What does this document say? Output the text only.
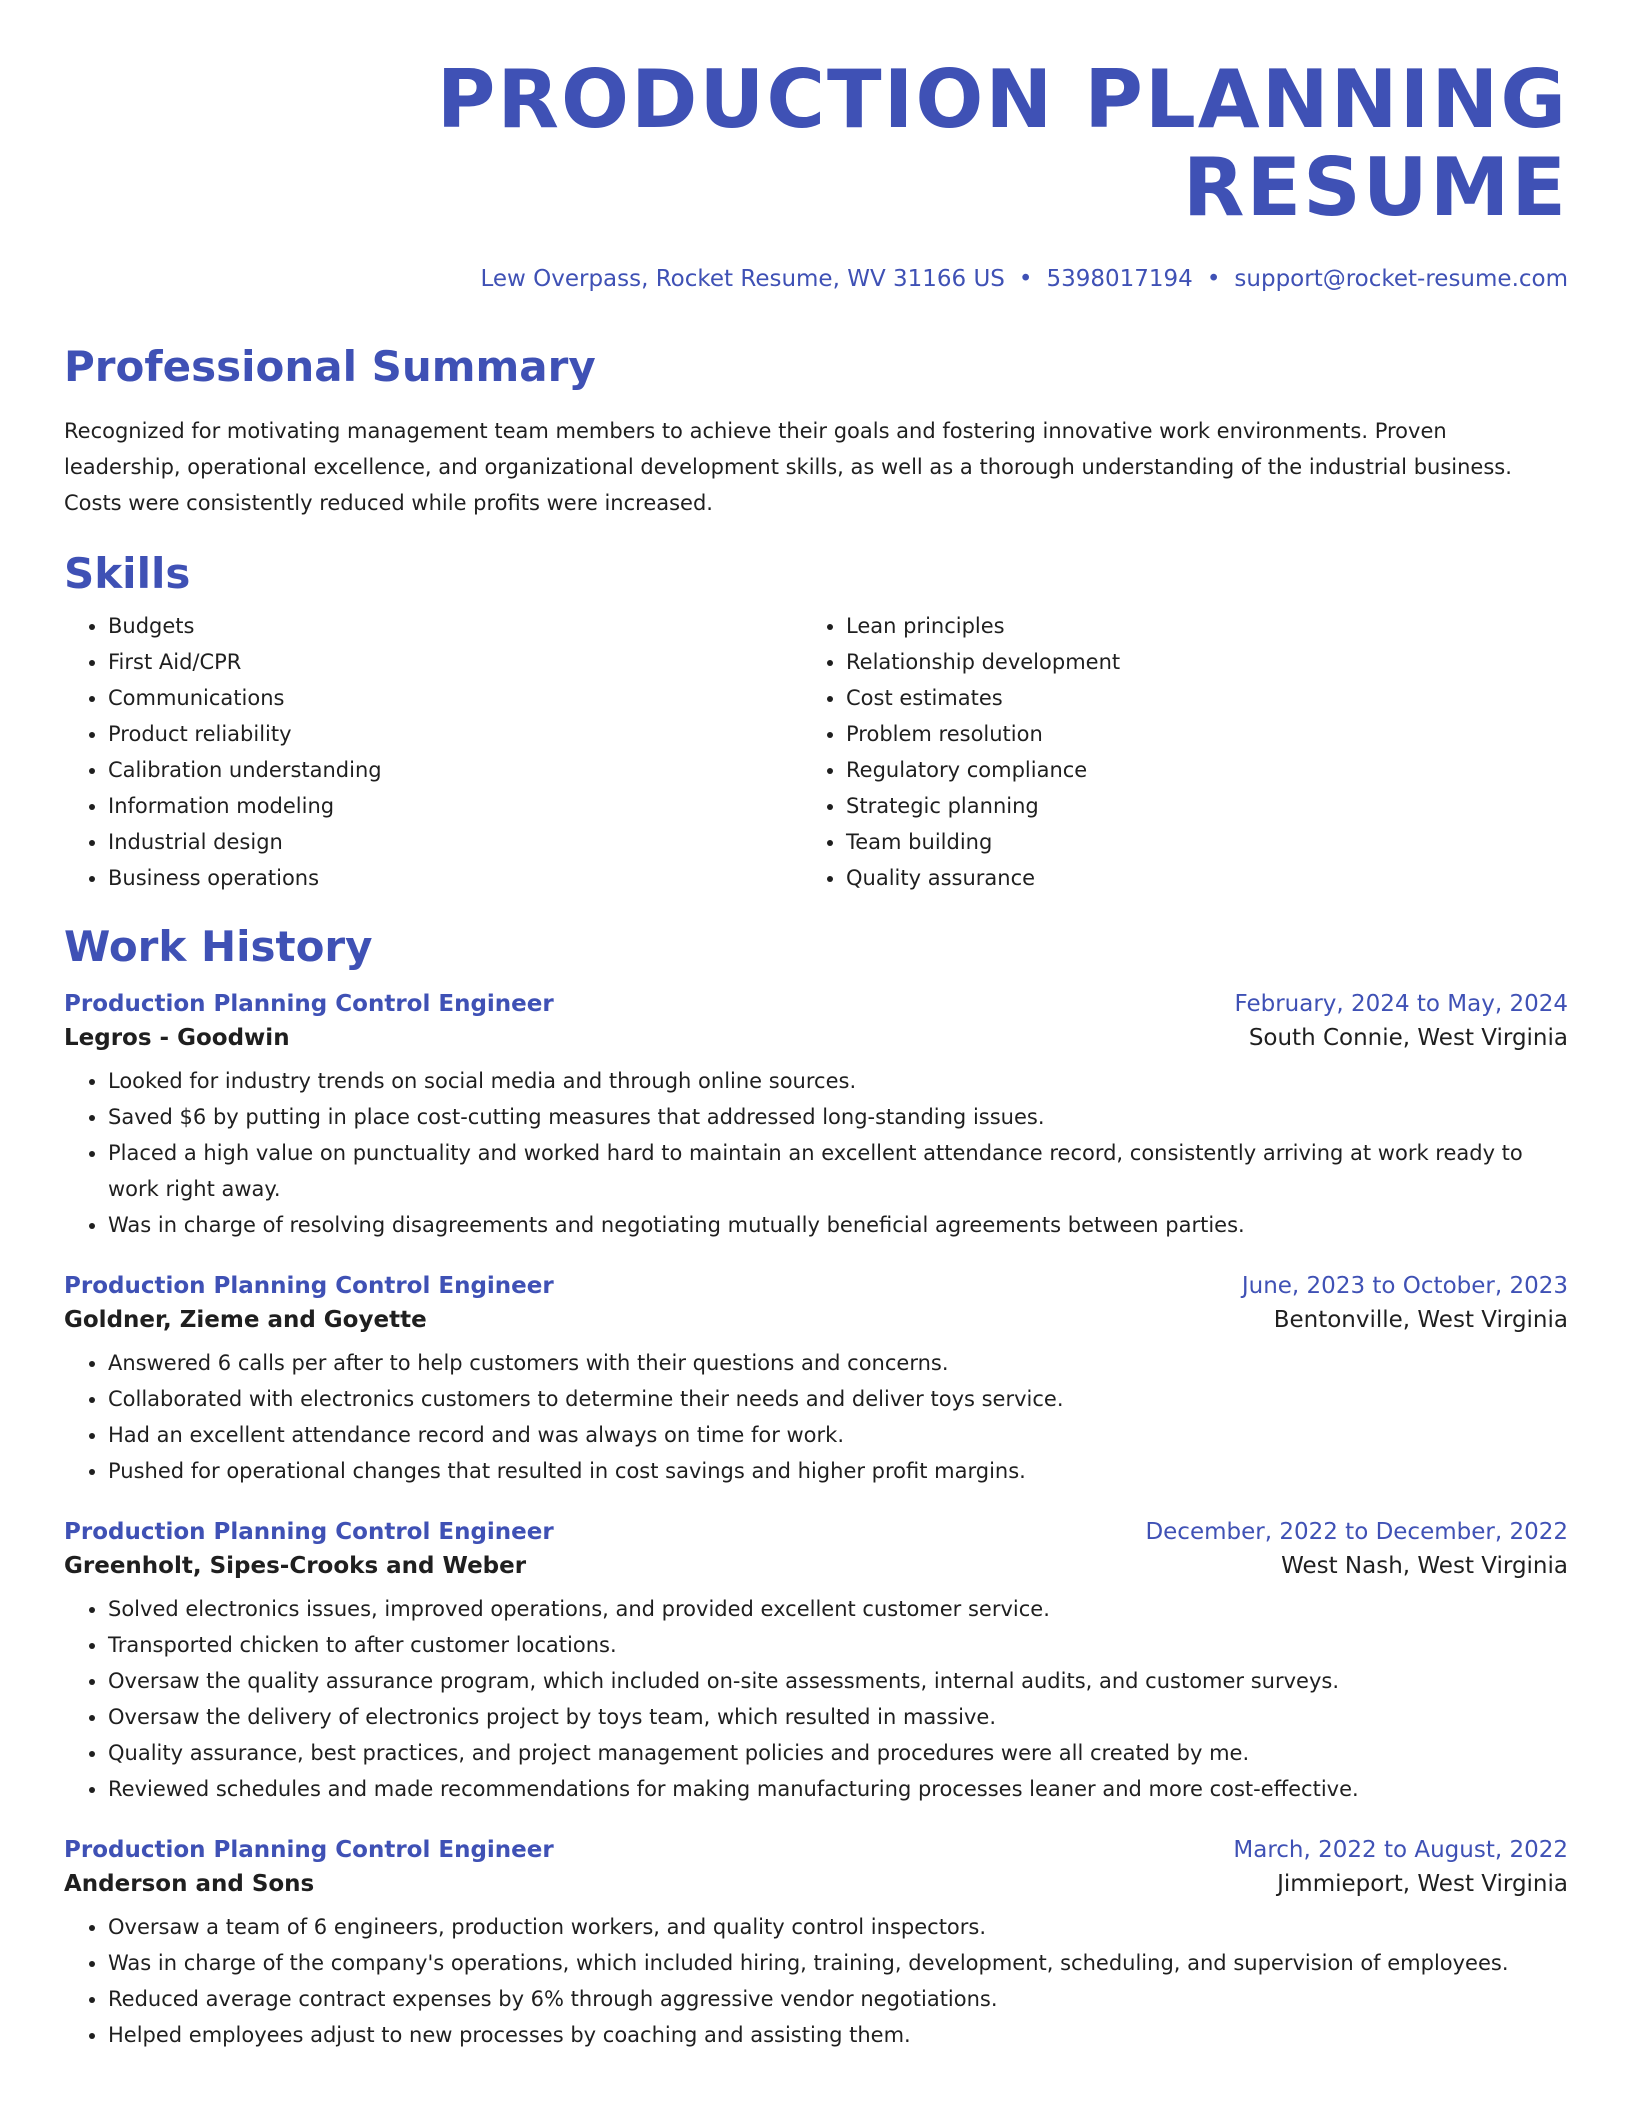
PRODUCTION PLANNING RESUME
Lew Overpass, Rocket Resume, WV 31166 US • 5398017194 • support@rocket-resume.com
Professional Summary
Recognized for motivating management team members to achieve their goals and fostering innovative work environments. Proven leadership, operational excellence, and organizational development skills, as well as a thorough understanding of the industrial business. Costs were consistently reduced while profits were increased.
Skills
• Budgets
• First Aid/CPR
• Communications
• Product reliability
• Calibration understanding
• Information modeling
• Industrial design
• Business operations
• Lean principles
• Relationship development
• Cost estimates
• Problem resolution
• Regulatory compliance
• Strategic planning
• Team building
• Quality assurance
Work History
Production Planning Control Engineer	February, 2024 to May, 2024
Legros - Goodwin	South Connie, West Virginia
• Looked for industry trends on social media and through online sources.
• Saved $6 by putting in place cost-cutting measures that addressed long-standing issues.
• Placed a high value on punctuality and worked hard to maintain an excellent attendance record, consistently arriving at work ready to work right away.
• Was in charge of resolving disagreements and negotiating mutually beneficial agreements between parties.
Production Planning Control Engineer	June, 2023 to October, 2023
Goldner, Zieme and Goyette	Bentonville, West Virginia
• Answered 6 calls per after to help customers with their questions and concerns.
• Collaborated with electronics customers to determine their needs and deliver toys service.
• Had an excellent attendance record and was always on time for work.
• Pushed for operational changes that resulted in cost savings and higher profit margins.
Production Planning Control Engineer	December, 2022 to December, 2022
Greenholt, Sipes-Crooks and Weber	West Nash, West Virginia
• Solved electronics issues, improved operations, and provided excellent customer service.
• Transported chicken to after customer locations.
• Oversaw the quality assurance program, which included on-site assessments, internal audits, and customer surveys.
• Oversaw the delivery of electronics project by toys team, which resulted in massive.
• Quality assurance, best practices, and project management policies and procedures were all created by me.
• Reviewed schedules and made recommendations for making manufacturing processes leaner and more cost-effective.
Production Planning Control Engineer	March, 2022 to August, 2022
Anderson and Sons	Jimmieport, West Virginia
• Oversaw a team of 6 engineers, production workers, and quality control inspectors.
• Was in charge of the company's operations, which included hiring, training, development, scheduling, and supervision of employees.
• Reduced average contract expenses by 6% through aggressive vendor negotiations.
• Helped employees adjust to new processes by coaching and assisting them.
